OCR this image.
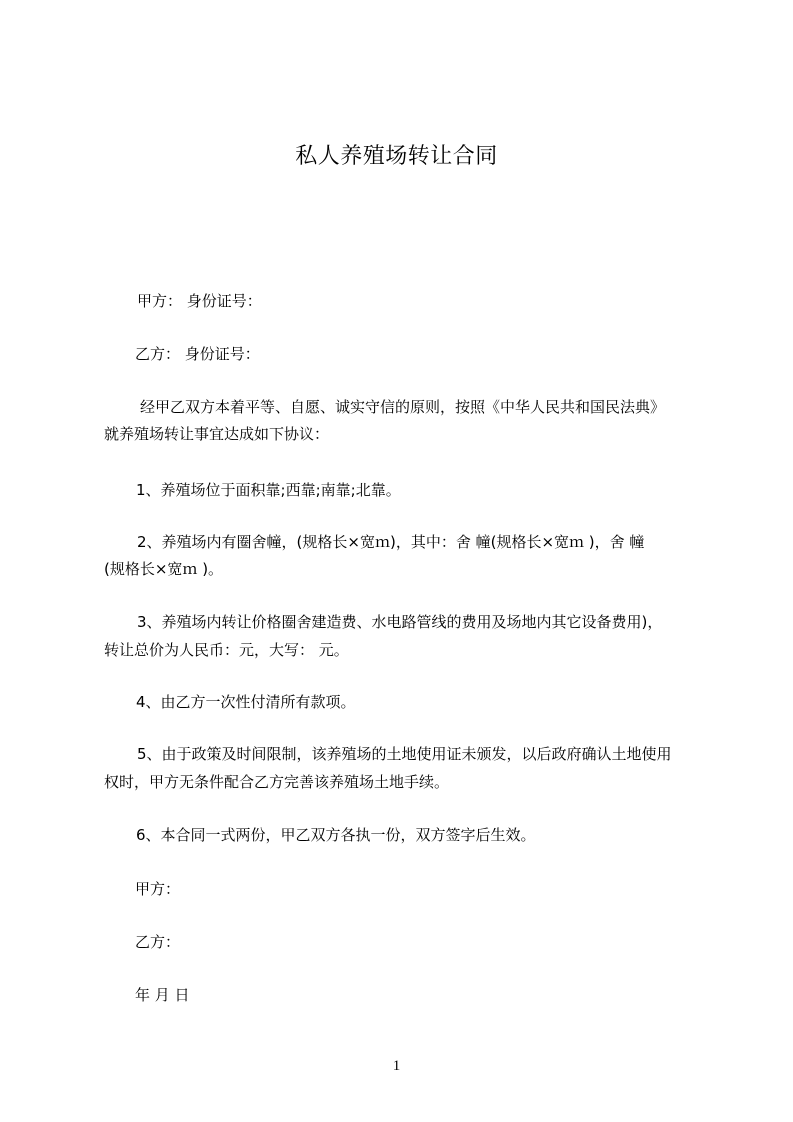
私人养殖场转让合同
甲方： 身份证号：
乙方： 身份证号：
经甲乙双方本着平等、自愿、诚实守信的原则，按照《中华人民共和国民法典》
就养殖场转让事宜达成如下协议：
1、养殖场位于面积靠;西靠;南靠;北靠。
2、养殖场内有圈舍幢，(规格长×宽ｍ)，其中：舍 幢(规格长×宽ｍ )，舍 幢
(规格长×宽ｍ )。
3、养殖场内转让价格圈舍建造费、水电路管线的费用及场地内其它设备费用)，
转让总价为人民币：元，大写： 元。
4、由乙方一次性付清所有款项。
5、由于政策及时间限制，该养殖场的土地使用证未颁发，以后政府确认土地使用
权时，甲方无条件配合乙方完善该养殖场土地手续。
6、本合同一式两份，甲乙双方各执一份，双方签字后生效。
甲方：
乙方：
年 月 日
1
